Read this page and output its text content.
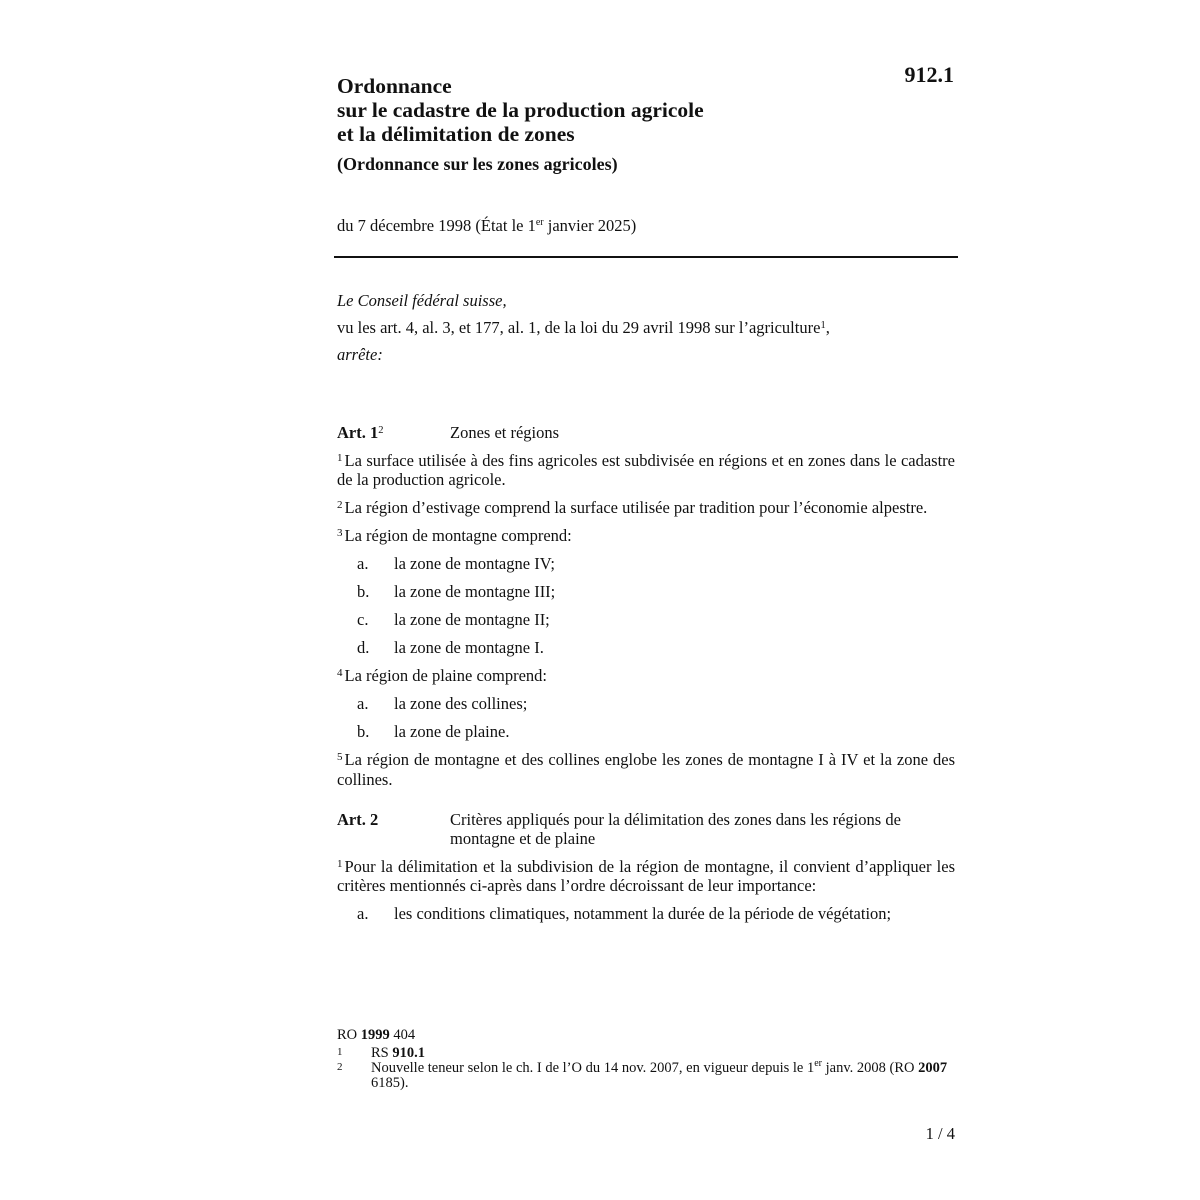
912.1
Ordonnance
sur le cadastre de la production agricole
et la délimitation de zones
(Ordonnance sur les zones agricoles)
du 7 décembre 1998 (État le 1er janvier 2025)
Le Conseil fédéral suisse,
vu les art. 4, al. 3, et 177, al. 1, de la loi du 29 avril 1998 sur l’agriculture$^1$,
arrête:
Art. 1$^2$	Zones et régions
$^1$ La surface utilisée à des fins agricoles est subdivisée en régions et en zones dans le cadastre de la production agricole.
$^2$ La région d’estivage comprend la surface utilisée par tradition pour l’économie alpestre.
$^3$ La région de montagne comprend:
a.	la zone de montagne IV;
b.	la zone de montagne III;
c.	la zone de montagne II;
d.	la zone de montagne I.
$^4$ La région de plaine comprend:
a.	la zone des collines;
b.	la zone de plaine.
$^5$ La région de montagne et des collines englobe les zones de montagne I à IV et la zone des collines.
Art. 2	Critères appliqués pour la délimitation des zones dans les régions de montagne et de plaine
$^1$ Pour la délimitation et la subdivision de la région de montagne, il convient d’appliquer les critères mentionnés ci-après dans l’ordre décroissant de leur importance:
a.	les conditions climatiques, notamment la durée de la période de végétation;
RO 1999 404
1	RS 910.1
2	Nouvelle teneur selon le ch. I de l’O du 14 nov. 2007, en vigueur depuis le 1er janv. 2008 (RO 2007 6185).
1 / 4
